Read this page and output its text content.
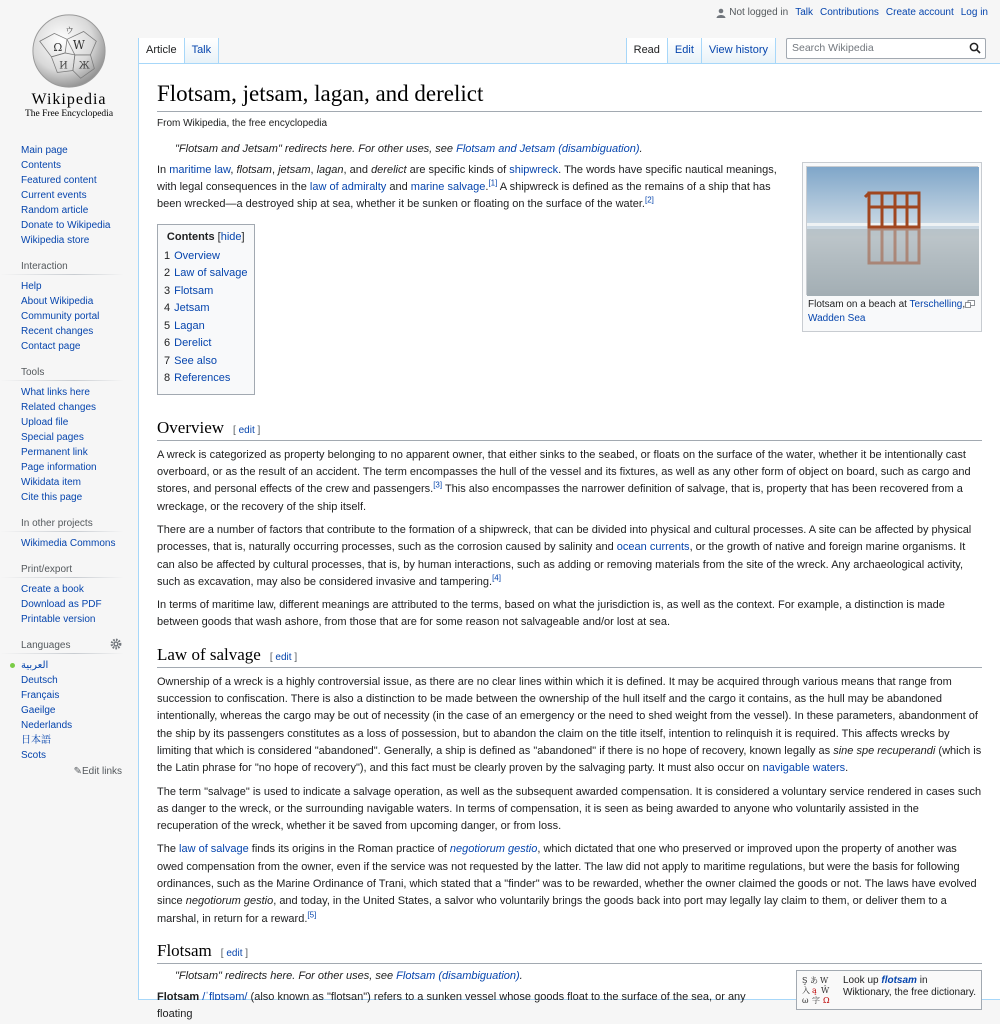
Ω W
И Ж
ウ
Wikipedia
The Free Encyclopedia
Not logged in Talk Contributions Create account Log in
Article	Talk	Read	Edit	View history	Search Wikipedia
Main page
Contents
Featured content
Current events
Random article
Donate to Wikipedia
Wikipedia store
Interaction
Help
About Wikipedia
Community portal
Recent changes
Contact page
Tools
What links here
Related changes
Upload file
Special pages
Permanent link
Page information
Wikidata item
Cite this page
In other projects
Wikimedia Commons
Print/export
Create a book
Download as PDF
Printable version
Languages
العربية
Deutsch
Français
Gaeilge
Nederlands
日本語
Scots
✎Edit links
Flotsam, jetsam, lagan, and derelict
From Wikipedia, the free encyclopedia
"Flotsam and Jetsam" redirects here. For other uses, see Flotsam and Jetsam (disambiguation).
Flotsam on a beach at Terschelling, Wadden Sea

In maritime law, flotsam, jetsam, lagan, and derelict are specific kinds of shipwreck. The words have specific nautical meanings, with legal consequences in the law of admiralty and marine salvage.[1] A shipwreck is defined as the remains of a ship that has been wrecked—a destroyed ship at sea, whether it be sunken or floating on the surface of the water.[2]

Contents [hide]
1 Overview
2 Law of salvage
3 Flotsam
4 Jetsam
5 Lagan
6 Derelict
7 See also
8 References
Overview [ edit ]

A wreck is categorized as property belonging to no apparent owner, that either sinks to the seabed, or floats on the surface of the water, whether it be intentionally cast overboard, or as the result of an accident. The term encompasses the hull of the vessel and its fixtures, as well as any other form of object on board, such as cargo and stores, and personal effects of the crew and passengers.[3] This also encompasses the narrower definition of salvage, that is, property that has been recovered from a wreckage, or the recovery of the ship itself.

There are a number of factors that contribute to the formation of a shipwreck, that can be divided into physical and cultural processes. A site can be affected by physical processes, that is, naturally occurring processes, such as the corrosion caused by salinity and ocean currents, or the growth of native and foreign marine organisms. It can also be affected by cultural processes, that is, by human interactions, such as adding or removing materials from the site of the wreck. Any archaeological activity, such as excavation, may also be considered invasive and tampering.[4]

In terms of maritime law, different meanings are attributed to the terms, based on what the jurisdiction is, as well as the context. For example, a distinction is made between goods that wash ashore, from those that are for some reason not salvageable and/or lost at sea.

Law of salvage [ edit ]

Ownership of a wreck is a highly controversial issue, as there are no clear lines within which it is defined. It may be acquired through various means that range from succession to confiscation. There is also a distinction to be made between the ownership of the hull itself and the cargo it contains, as the hull may be abandoned intentionally, whereas the cargo may be out of necessity (in the case of an emergency or the need to shed weight from the vessel). In these parameters, abandonment of the ship by its passengers constitutes as a loss of possession, but to abandon the claim on the title itself, intention to relinquish it is required. This affects wrecks by limiting that which is considered "abandoned". Generally, a ship is defined as "abandoned" if there is no hope of recovery, known legally as sine spe recuperandi (which is the Latin phrase for "no hope of recovery"), and this fact must be clearly proven by the salvaging party. It must also occur on navigable waters.

The term "salvage" is used to indicate a salvage operation, as well as the subsequent awarded compensation. It is considered a voluntary service rendered in cases such as danger to the wreck, or the surrounding navigable waters. In terms of compensation, it is seen as being awarded to anyone who voluntarily assisted in the recuperation of the wreck, whether it be saved from upcoming danger, or from loss.

The law of salvage finds its origins in the Roman practice of negotiorum gestio, which dictated that one who preserved or improved upon the property of another was owed compensation from the owner, even if the service was not requested by the latter. The law did not apply to maritime regulations, but were the basis for following ordinances, such as the Marine Ordinance of Trani, which stated that a "finder" was to be rewarded, whether the owner claimed the goods or not. The laws have evolved since negotiorum gestio, and today, in the United States, a salvor who voluntarily brings the goods back into port may legally lay claim to them, or deliver them to a marshal, in return for a reward.[5]

Flotsam [ edit ]
Ş あ W
入 ą Ŵ
ω 字 Ω
Look up flotsam in Wiktionary, the free dictionary.
"Flotsam" redirects here. For other uses, see Flotsam (disambiguation).

Flotsam /ˈflɒtsəm/ (also known as "flotsan") refers to a sunken vessel whose goods float to the surface of the sea, or any floating
